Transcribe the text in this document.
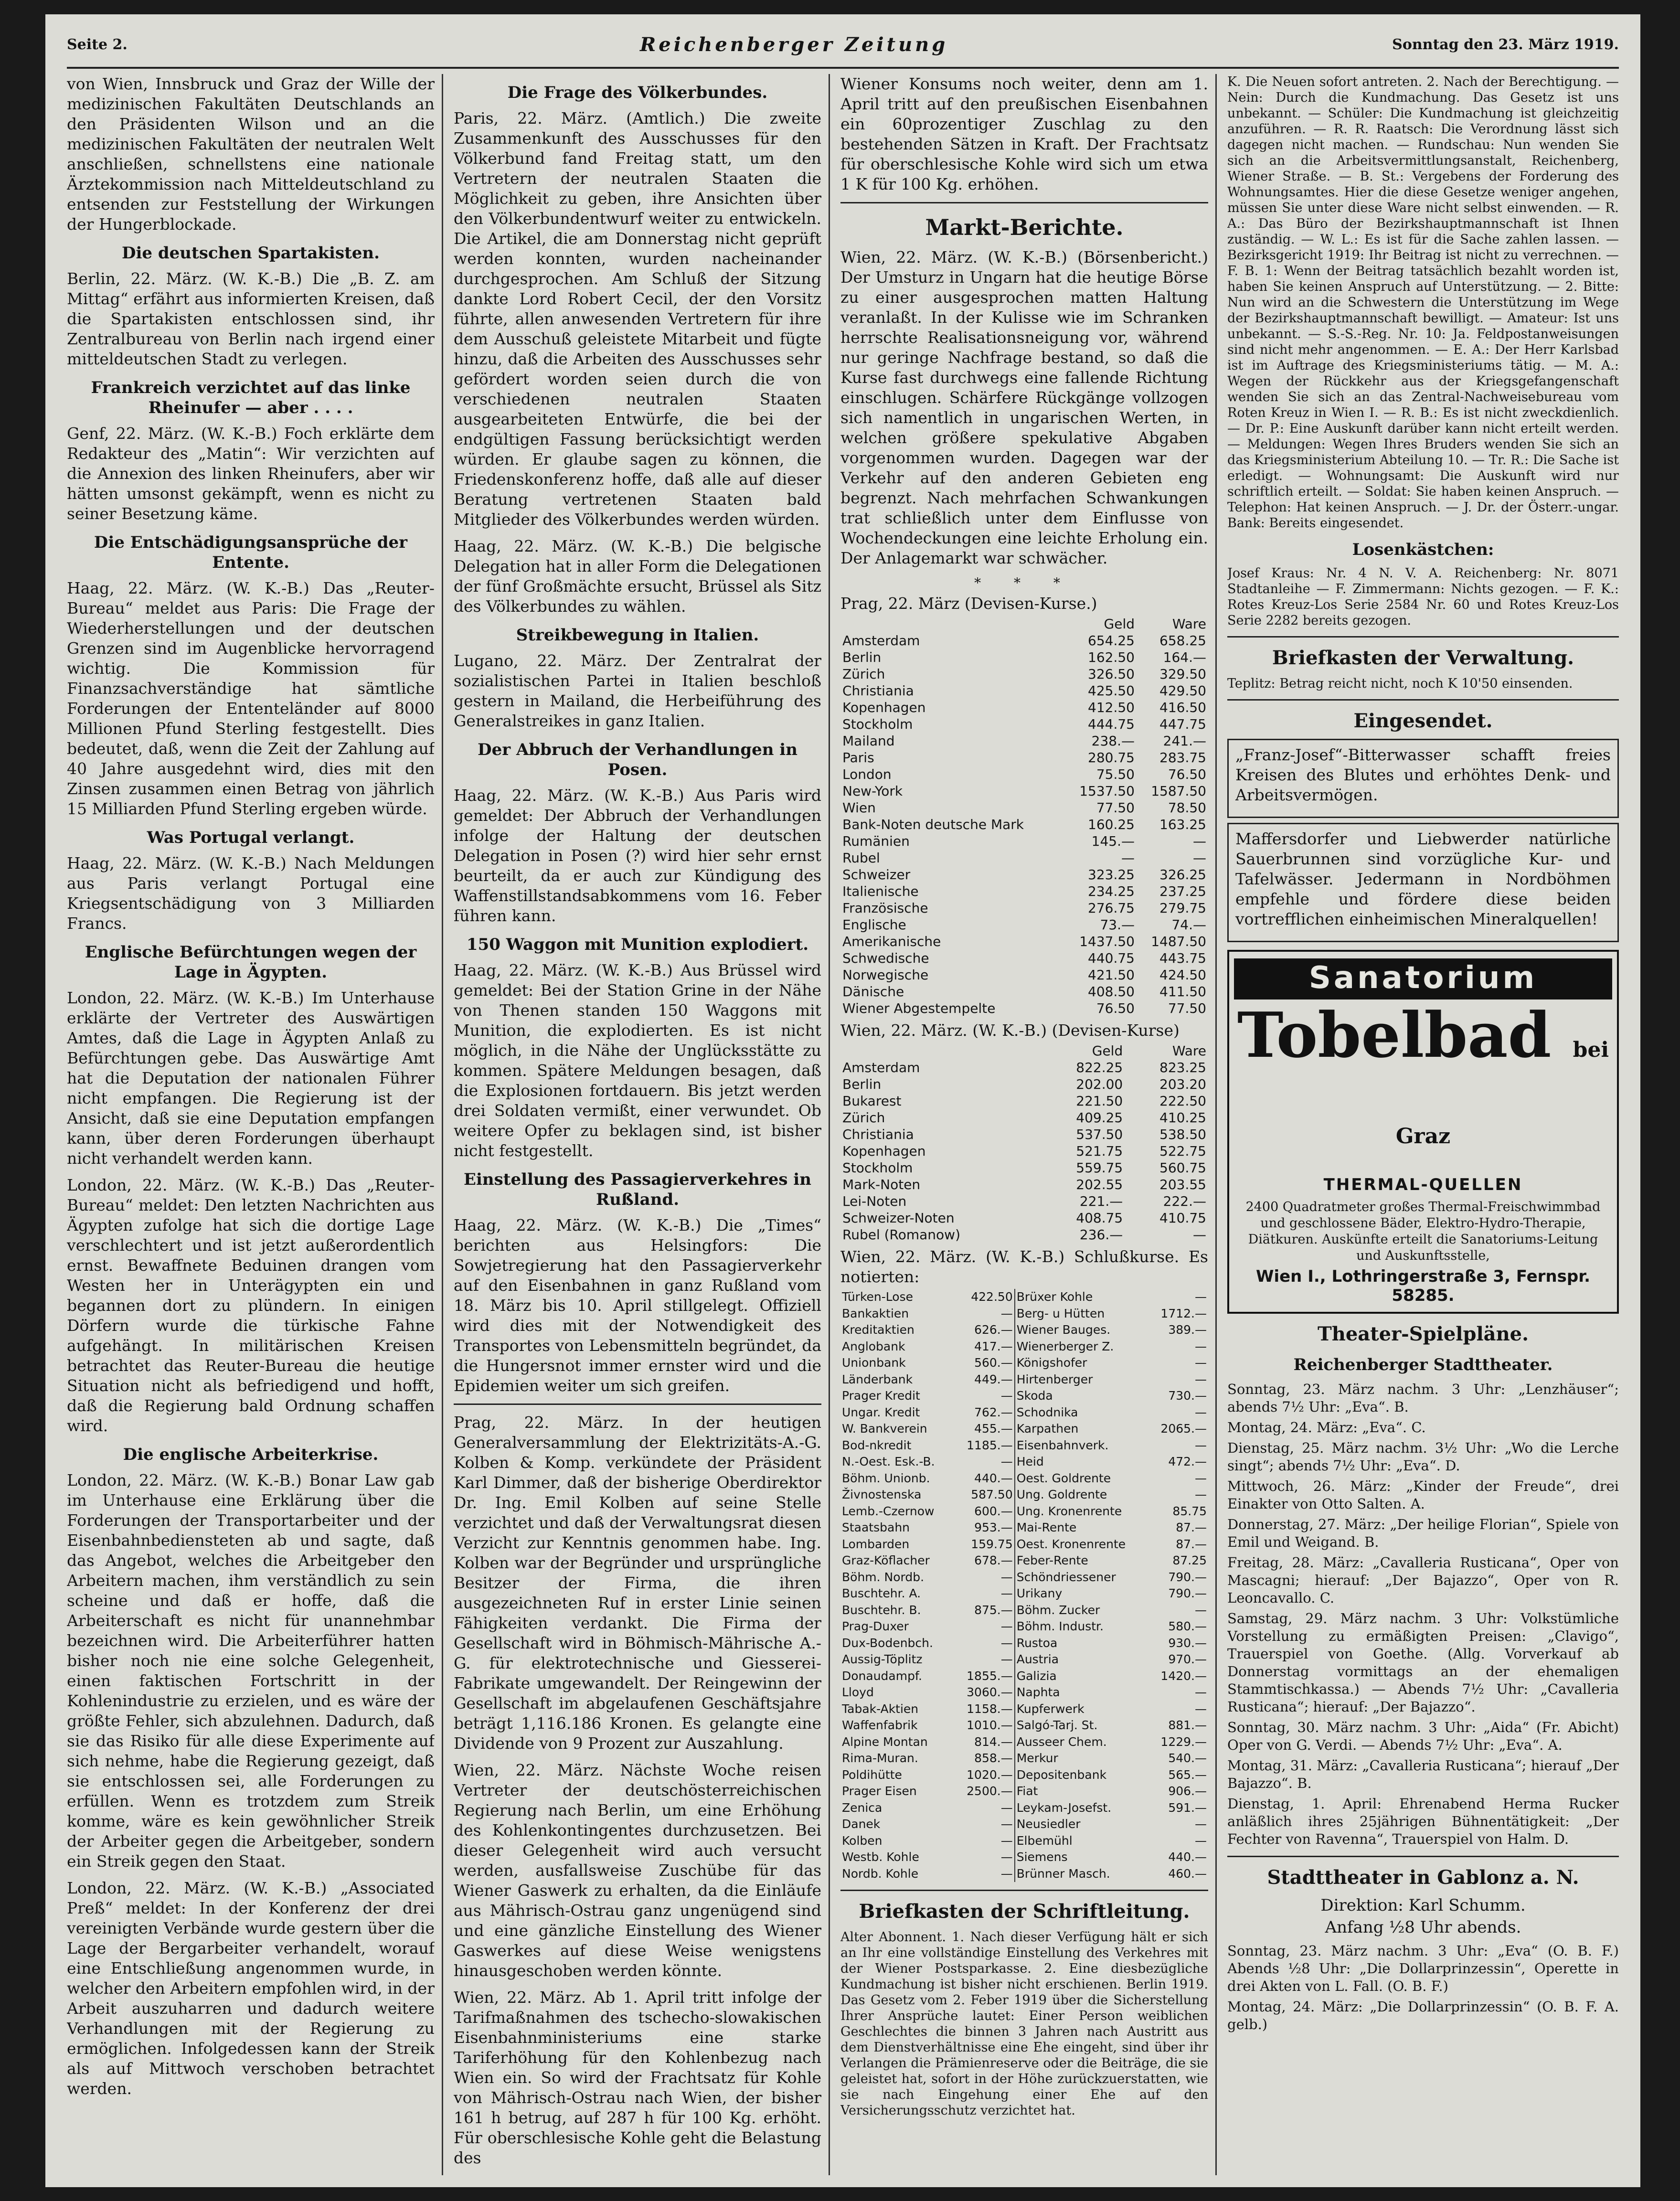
Seite 2.	Reichenberger Zeitung	Sonntag den 23. März 1919.

von Wien, Innsbruck und Graz der Wille der medizinischen Fakultäten Deutschlands an den Präsidenten Wilson und an die medizinischen Fakultäten der neutralen Welt anschließen, schnellstens eine nationale Ärztekommission nach Mitteldeutschland zu entsenden zur Feststellung der Wirkungen der Hungerblockade.

Die deutschen Spartakisten.

Berlin, 22. März. (W. K.-B.) Die „B. Z. am Mittag“ erfährt aus informierten Kreisen, daß die Spartakisten entschlossen sind, ihr Zentralbureau von Berlin nach irgend einer mitteldeutschen Stadt zu verlegen.

Frankreich verzichtet auf das linke Rheinufer — aber . . . .

Genf, 22. März. (W. K.-B.) Foch erklärte dem Redakteur des „Matin“: Wir verzichten auf die Annexion des linken Rheinufers, aber wir hätten umsonst gekämpft, wenn es nicht zu seiner Besetzung käme.

Die Entschädigungsansprüche der Entente.

Haag, 22. März. (W. K.-B.) Das „Reuter-Bureau“ meldet aus Paris: Die Frage der Wiederherstellungen und der deutschen Grenzen sind im Augenblicke hervorragend wichtig. Die Kommission für Finanzsachverständige hat sämtliche Forderungen der Ententeländer auf 8000 Millionen Pfund Sterling festgestellt. Dies bedeutet, daß, wenn die Zeit der Zahlung auf 40 Jahre ausgedehnt wird, dies mit den Zinsen zusammen einen Betrag von jährlich 15 Milliarden Pfund Sterling ergeben würde.

Was Portugal verlangt.

Haag, 22. März. (W. K.-B.) Nach Meldungen aus Paris verlangt Portugal eine Kriegsentschädigung von 3 Milliarden Francs.

Englische Befürchtungen wegen der Lage in Ägypten.

London, 22. März. (W. K.-B.) Im Unterhause erklärte der Vertreter des Auswärtigen Amtes, daß die Lage in Ägypten Anlaß zu Befürchtungen gebe. Das Auswärtige Amt hat die Deputation der nationalen Führer nicht empfangen. Die Regierung ist der Ansicht, daß sie eine Deputation empfangen kann, über deren Forderungen überhaupt nicht verhandelt werden kann.

London, 22. März. (W. K.-B.) Das „Reuter-Bureau“ meldet: Den letzten Nachrichten aus Ägypten zufolge hat sich die dortige Lage verschlechtert und ist jetzt außerordentlich ernst. Bewaffnete Beduinen drangen vom Westen her in Unterägypten ein und begannen dort zu plündern. In einigen Dörfern wurde die türkische Fahne aufgehängt. In militärischen Kreisen betrachtet das Reuter-Bureau die heutige Situation nicht als befriedigend und hofft, daß die Regierung bald Ordnung schaffen wird.

Die englische Arbeiterkrise.

London, 22. März. (W. K.-B.) Bonar Law gab im Unterhause eine Erklärung über die Forderungen der Transportarbeiter und der Eisenbahnbediensteten ab und sagte, daß das Angebot, welches die Arbeitgeber den Arbeitern machen, ihm verständlich zu sein scheine und daß er hoffe, daß die Arbeiterschaft es nicht für unannehmbar bezeichnen wird. Die Arbeiterführer hatten bisher noch nie eine solche Gelegenheit, einen faktischen Fortschritt in der Kohlenindustrie zu erzielen, und es wäre der größte Fehler, sich abzulehnen. Dadurch, daß sie das Risiko für alle diese Experimente auf sich nehme, habe die Regierung gezeigt, daß sie entschlossen sei, alle Forderungen zu erfüllen. Wenn es trotzdem zum Streik komme, wäre es kein gewöhnlicher Streik der Arbeiter gegen die Arbeitgeber, sondern ein Streik gegen den Staat.

London, 22. März. (W. K.-B.) „Associated Preß“ meldet: In der Konferenz der drei vereinigten Verbände wurde gestern über die Lage der Bergarbeiter verhandelt, worauf eine Entschließung angenommen wurde, in welcher den Arbeitern empfohlen wird, in der Arbeit auszuharren und dadurch weitere Verhandlungen mit der Regierung zu ermöglichen. Infolgedessen kann der Streik als auf Mittwoch verschoben betrachtet werden.

Die Frage des Völkerbundes.

Paris, 22. März. (Amtlich.) Die zweite Zusammenkunft des Ausschusses für den Völkerbund fand Freitag statt, um den Vertretern der neutralen Staaten die Möglichkeit zu geben, ihre Ansichten über den Völkerbundentwurf weiter zu entwickeln. Die Artikel, die am Donnerstag nicht geprüft werden konnten, wurden nacheinander durchgesprochen. Am Schluß der Sitzung dankte Lord Robert Cecil, der den Vorsitz führte, allen anwesenden Vertretern für ihre dem Ausschuß geleistete Mitarbeit und fügte hinzu, daß die Arbeiten des Ausschusses sehr gefördert worden seien durch die von verschiedenen neutralen Staaten ausgearbeiteten Entwürfe, die bei der endgültigen Fassung berücksichtigt werden würden. Er glaube sagen zu können, die Friedenskonferenz hoffe, daß alle auf dieser Beratung vertretenen Staaten bald Mitglieder des Völkerbundes werden würden.

Haag, 22. März. (W. K.-B.) Die belgische Delegation hat in aller Form die Delegationen der fünf Großmächte ersucht, Brüssel als Sitz des Völkerbundes zu wählen.

Streikbewegung in Italien.

Lugano, 22. März. Der Zentralrat der sozialistischen Partei in Italien beschloß gestern in Mailand, die Herbeiführung des Generalstreikes in ganz Italien.

Der Abbruch der Verhandlungen in Posen.

Haag, 22. März. (W. K.-B.) Aus Paris wird gemeldet: Der Abbruch der Verhandlungen infolge der Haltung der deutschen Delegation in Posen (?) wird hier sehr ernst beurteilt, da er auch zur Kündigung des Waffenstillstandsabkommens vom 16. Feber führen kann.

150 Waggon mit Munition explodiert.

Haag, 22. März. (W. K.-B.) Aus Brüssel wird gemeldet: Bei der Station Grine in der Nähe von Thenen standen 150 Waggons mit Munition, die explodierten. Es ist nicht möglich, in die Nähe der Unglücksstätte zu kommen. Spätere Meldungen besagen, daß die Explosionen fortdauern. Bis jetzt werden drei Soldaten vermißt, einer verwundet. Ob weitere Opfer zu beklagen sind, ist bisher nicht festgestellt.

Einstellung des Passagierverkehres in Rußland.

Haag, 22. März. (W. K.-B.) Die „Times“ berichten aus Helsingfors: Die Sowjetregierung hat den Passagierverkehr auf den Eisenbahnen in ganz Rußland vom 18. März bis 10. April stillgelegt. Offiziell wird dies mit der Notwendigkeit des Transportes von Lebensmitteln begründet, da die Hungersnot immer ernster wird und die Epidemien weiter um sich greifen.

Prag, 22. März. In der heutigen Generalversammlung der Elektrizitäts-A.-G. Kolben & Komp. verkündete der Präsident Karl Dimmer, daß der bisherige Oberdirektor Dr. Ing. Emil Kolben auf seine Stelle verzichtet und daß der Verwaltungsrat diesen Verzicht zur Kenntnis genommen habe. Ing. Kolben war der Begründer und ursprüngliche Besitzer der Firma, die ihren ausgezeichneten Ruf in erster Linie seinen Fähigkeiten verdankt. Die Firma der Gesellschaft wird in Böhmisch-Mährische A.-G. für elektrotechnische und Giesserei-Fabrikate umgewandelt. Der Reingewinn der Gesellschaft im abgelaufenen Geschäftsjahre beträgt 1,116.186 Kronen. Es gelangte eine Dividende von 9 Prozent zur Auszahlung.

Wien, 22. März. Nächste Woche reisen Vertreter der deutschösterreichischen Regierung nach Berlin, um eine Erhöhung des Kohlenkontingentes durchzusetzen. Bei dieser Gelegenheit wird auch versucht werden, ausfallsweise Zuschübe für das Wiener Gaswerk zu erhalten, da die Einläufe aus Mährisch-Ostrau ganz ungenügend sind und eine gänzliche Einstellung des Wiener Gaswerkes auf diese Weise wenigstens hinausgeschoben werden könnte.

Wien, 22. März. Ab 1. April tritt infolge der Tarifmaßnahmen des tschecho-slowakischen Eisenbahnministeriums eine starke Tariferhöhung für den Kohlenbezug nach Wien ein. So wird der Frachtsatz für Kohle von Mährisch-Ostrau nach Wien, der bisher 161 h betrug, auf 287 h für 100 Kg. erhöht. Für oberschlesische Kohle geht die Belastung des

Wiener Konsums noch weiter, denn am 1. April tritt auf den preußischen Eisenbahnen ein 60prozentiger Zuschlag zu den bestehenden Sätzen in Kraft. Der Frachtsatz für oberschlesische Kohle wird sich um etwa 1 K für 100 Kg. erhöhen.

Markt-Berichte.

Wien, 22. März. (W. K.-B.) (Börsenbericht.) Der Umsturz in Ungarn hat die heutige Börse zu einer ausgesprochen matten Haltung veranlaßt. In der Kulisse wie im Schranken herrschte Realisationsneigung vor, während nur geringe Nachfrage bestand, so daß die Kurse fast durchwegs eine fallende Richtung einschlugen. Schärfere Rückgänge vollzogen sich namentlich in ungarischen Werten, in welchen größere spekulative Abgaben vorgenommen wurden. Dagegen war der Verkehr auf den anderen Gebieten eng begrenzt. Nach mehrfachen Schwankungen trat schließlich unter dem Einflusse von Wochendeckungen eine leichte Erholung ein. Der Anlagemarkt war schwächer.

* * *

Prag, 22. März (Devisen-Kurse.)

	Geld	Ware
Amsterdam	654.25	658.25
Berlin	162.50	164.—
Zürich	326.50	329.50
Christiania	425.50	429.50
Kopenhagen	412.50	416.50
Stockholm	444.75	447.75
Mailand	238.—	241.—
Paris	280.75	283.75
London	75.50	76.50
New-York	1537.50	1587.50
Wien	77.50	78.50
Bank-Noten deutsche Mark	160.25	163.25
Rumänien	145.—	—
Rubel	—	—
Schweizer	323.25	326.25
Italienische	234.25	237.25
Französische	276.75	279.75
Englische	73.—	74.—
Amerikanische	1437.50	1487.50
Schwedische	440.75	443.75
Norwegische	421.50	424.50
Dänische	408.50	411.50
Wiener Abgestempelte	76.50	77.50

Wien, 22. März. (W. K.-B.) (Devisen-Kurse)

	Geld	Ware
Amsterdam	822.25	823.25
Berlin	202.00	203.20
Bukarest	221.50	222.50
Zürich	409.25	410.25
Christiania	537.50	538.50
Kopenhagen	521.75	522.75
Stockholm	559.75	560.75
Mark-Noten	202.55	203.55
Lei-Noten	221.—	222.—
Schweizer-Noten	408.75	410.75
Rubel (Romanow)	236.—	—

Wien, 22. März. (W. K.-B.) Schlußkurse. Es notierten:

Türken-Lose	422.50	Brüxer Kohle	—
Bankaktien	—	Berg- u Hütten	1712.—
Kreditaktien	626.—	Wiener Bauges.	389.—
Anglobank	417.—	Wienerberger Z.	—
Unionbank	560.—	Königshofer	—
Länderbank	449.—	Hirtenberger	—
Prager Kredit	—	Skoda	730.—
Ungar. Kredit	762.—	Schodnika	—
W. Bankverein	455.—	Karpathen	2065.—
Bod-nkredit	1185.—	Eisenbahnverk.	—
N.-Oest. Esk.-B.	—	Heid	472.—
Böhm. Unionb.	440.—	Oest. Goldrente	—
Živnostenska	587.50	Ung. Goldrente	—
Lemb.-Czernow	600.—	Ung. Kronenrente	85.75
Staatsbahn	953.—	Mai-Rente	87.—
Lombarden	159.75	Oest. Kronenrente	87.—
Graz-Köflacher	678.—	Feber-Rente	87.25
Böhm. Nordb.	—	Schöndriessener	790.—
Buschtehr. A.	—	Urikany	790.—
Buschtehr. B.	875.—	Böhm. Zucker	—
Prag-Duxer	—	Böhm. Industr.	580.—
Dux-Bodenbch.	—	Rustoa	930.—
Aussig-Töplitz	—	Austria	970.—
Donaudampf.	1855.—	Galizia	1420.—
Lloyd	3060.—	Naphta	—
Tabak-Aktien	1158.—	Kupferwerk	—
Waffenfabrik	1010.—	Salgó-Tarj. St.	881.—
Alpine Montan	814.—	Ausseer Chem.	1229.—
Rima-Muran.	858.—	Merkur	540.—
Poldihütte	1020.—	Depositenbank	565.—
Prager Eisen	2500.—	Fiat	906.—
Zenica	—	Leykam-Josefst.	591.—
Danek	—	Neusiedler	—
Kolben	—	Elbemühl	—
Westb. Kohle	—	Siemens	440.—
Nordb. Kohle	—	Brünner Masch.	460.—
Briefkasten der Schriftleitung.

Alter Abonnent. 1. Nach dieser Verfügung hält er sich an Ihr eine vollständige Einstellung des Verkehres mit der Wiener Postsparkasse. 2. Eine diesbezügliche Kundmachung ist bisher nicht erschienen. Berlin 1919. Das Gesetz vom 2. Feber 1919 über die Sicherstellung Ihrer Ansprüche lautet: Einer Person weiblichen Geschlechtes die binnen 3 Jahren nach Austritt aus dem Dienstverhältnisse eine Ehe eingeht, sind über ihr Verlangen die Prämienreserve oder die Beiträge, die sie geleistet hat, sofort in der Höhe zurückzuerstatten, wie sie nach Eingehung einer Ehe auf den Versicherungsschutz verzichtet hat.

K. Die Neuen sofort antreten. 2. Nach der Berechtigung. — Nein: Durch die Kundmachung. Das Gesetz ist uns unbekannt. — Schüler: Die Kundmachung ist gleichzeitig anzuführen. — R. R. Raatsch: Die Verordnung lässt sich dagegen nicht machen. — Rundschau: Nun wenden Sie sich an die Arbeitsvermittlungsanstalt, Reichenberg, Wiener Straße. — B. St.: Vergebens der Forderung des Wohnungsamtes. Hier die diese Gesetze weniger angehen, müssen Sie unter diese Ware nicht selbst einwenden. — R. A.: Das Büro der Bezirkshauptmannschaft ist Ihnen zuständig. — W. L.: Es ist für die Sache zahlen lassen. — Bezirksgericht 1919: Ihr Beitrag ist nicht zu verrechnen. — F. B. 1: Wenn der Beitrag tatsächlich bezahlt worden ist, haben Sie keinen Anspruch auf Unterstützung. — 2. Bitte: Nun wird an die Schwestern die Unterstützung im Wege der Bezirkshauptmannschaft bewilligt. — Amateur: Ist uns unbekannt. — S.-S.-Reg. Nr. 10: Ja. Feldpostanweisungen sind nicht mehr angenommen. — E. A.: Der Herr Karlsbad ist im Auftrage des Kriegsministeriums tätig. — M. A.: Wegen der Rückkehr aus der Kriegsgefangenschaft wenden Sie sich an das Zentral-Nachweisebureau vom Roten Kreuz in Wien I. — R. B.: Es ist nicht zweckdienlich. — Dr. P.: Eine Auskunft darüber kann nicht erteilt werden. — Meldungen: Wegen Ihres Bruders wenden Sie sich an das Kriegsministerium Abteilung 10. — Tr. R.: Die Sache ist erledigt. — Wohnungsamt: Die Auskunft wird nur schriftlich erteilt. — Soldat: Sie haben keinen Anspruch. — Telephon: Hat keinen Anspruch. — J. Dr. der Österr.-ungar. Bank: Bereits eingesendet.

Losenkästchen:

Josef Kraus: Nr. 4 N. V. A. Reichenberg: Nr. 8071 Stadtanleihe — F. Zimmermann: Nichts gezogen. — F. K.: Rotes Kreuz-Los Serie 2584 Nr. 60 und Rotes Kreuz-Los Serie 2282 bereits gezogen.

Briefkasten der Verwaltung.

Teplitz: Betrag reicht nicht, noch K 10'50 einsenden.

Eingesendet.

„Franz-Josef“-Bitterwasser schafft freies Kreisen des Blutes und erhöhtes Denk- und Arbeitsvermögen.

Maffersdorfer und Liebwerder natürliche Sauerbrunnen sind vorzügliche Kur- und Tafelwässer. Jedermann in Nordböhmen empfehle und fördere diese beiden vortrefflichen einheimischen Mineralquellen!

Sanatorium
Tobelbad bei Graz
THERMAL-QUELLEN
2400 Quadratmeter großes Thermal-Freischwimmbad und geschlossene Bäder, Elektro-Hydro-Therapie, Diätkuren. Auskünfte erteilt die Sanatoriums-Leitung und Auskunftsstelle,
Wien I., Lothringerstraße 3, Fernspr. 58285.
Theater-Spielpläne.
Reichenberger Stadttheater.

Sonntag, 23. März nachm. 3 Uhr: „Lenzhäuser“; abends 7½ Uhr: „Eva“. B.

Montag, 24. März: „Eva“. C.

Dienstag, 25. März nachm. 3½ Uhr: „Wo die Lerche singt“; abends 7½ Uhr: „Eva“. D.

Mittwoch, 26. März: „Kinder der Freude“, drei Einakter von Otto Salten. A.

Donnerstag, 27. März: „Der heilige Florian“, Spiele von Emil und Weigand. B.

Freitag, 28. März: „Cavalleria Rusticana“, Oper von Mascagni; hierauf: „Der Bajazzo“, Oper von R. Leoncavallo. C.

Samstag, 29. März nachm. 3 Uhr: Volkstümliche Vorstellung zu ermäßigten Preisen: „Clavigo“, Trauerspiel von Goethe. (Allg. Vorverkauf ab Donnerstag vormittags an der ehemaligen Stammtischkassa.) — Abends 7½ Uhr: „Cavalleria Rusticana“; hierauf: „Der Bajazzo“.

Sonntag, 30. März nachm. 3 Uhr: „Aida“ (Fr. Abicht) Oper von G. Verdi. — Abends 7½ Uhr: „Eva“. A.

Montag, 31. März: „Cavalleria Rusticana“; hierauf „Der Bajazzo“. B.

Dienstag, 1. April: Ehrenabend Herma Rucker anläßlich ihres 25jährigen Bühnentätigkeit: „Der Fechter von Ravenna“, Trauerspiel von Halm. D.

Stadttheater in Gablonz a. N.
Direktion: Karl Schumm.
Anfang ½8 Uhr abends.

Sonntag, 23. März nachm. 3 Uhr: „Eva“ (O. B. F.) Abends ½8 Uhr: „Die Dollarprinzessin“, Operette in drei Akten von L. Fall. (O. B. F.)

Montag, 24. März: „Die Dollarprinzessin“ (O. B. F. A. gelb.)
